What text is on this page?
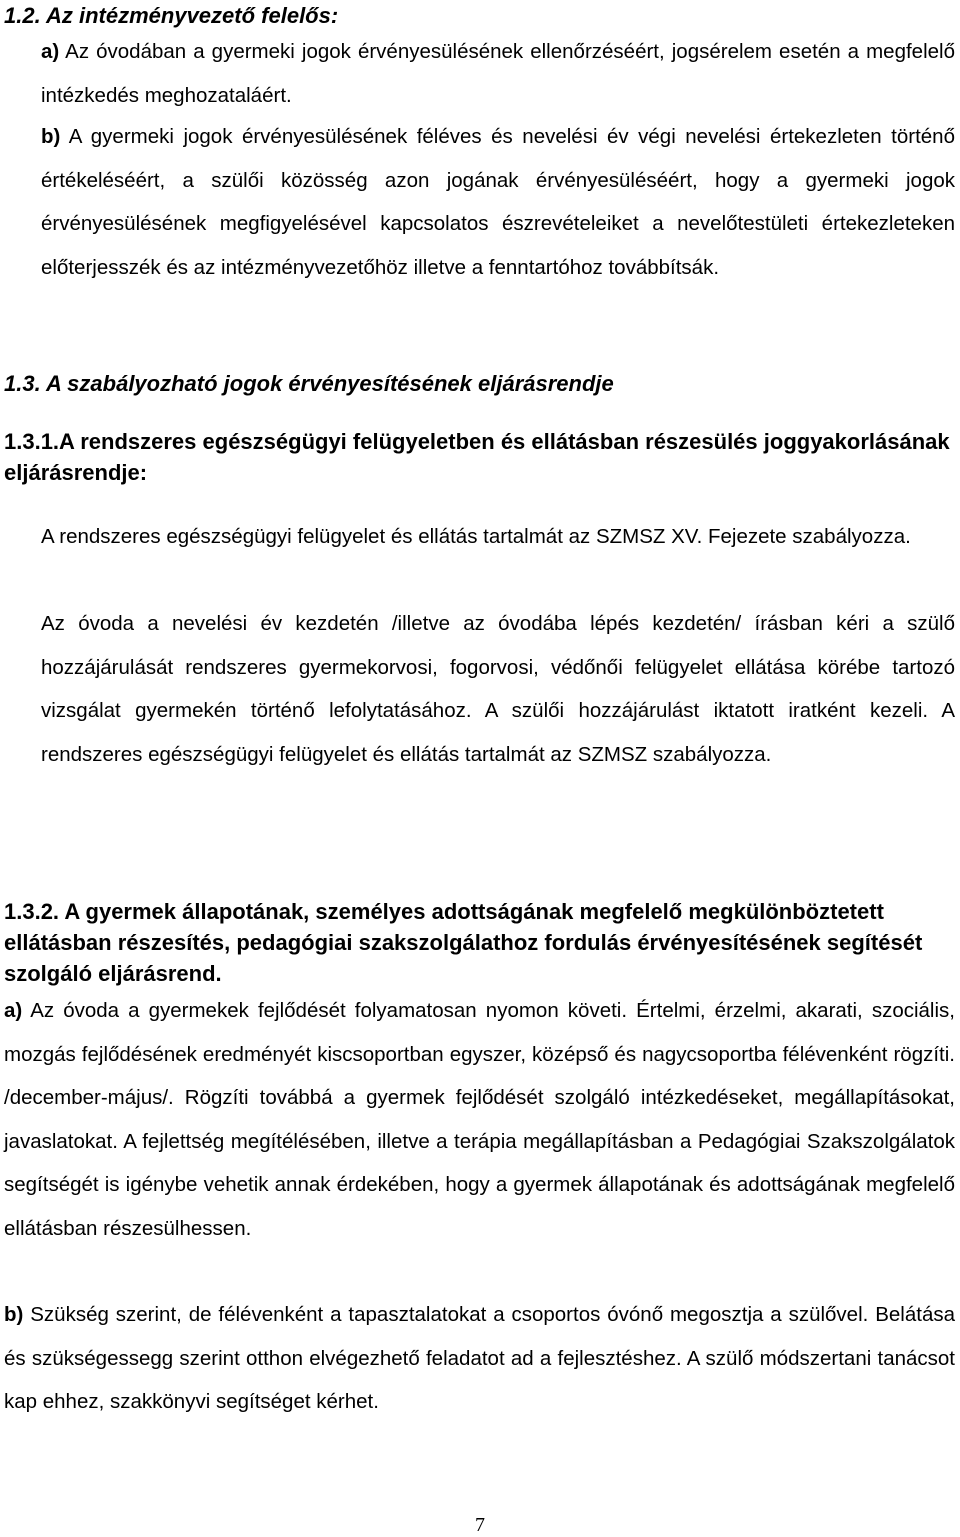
1.2. Az intézményvezető felelős:

a) Az óvodában a gyermeki jogok érvényesülésének ellenőrzéséért, jogsérelem esetén a megfelelő intézkedés meghozataláért.

b) A gyermeki jogok érvényesülésének féléves és nevelési év végi nevelési értekezleten történő értékeléséért, a szülői közösség azon jogának érvényesüléséért, hogy a gyermeki jogok érvényesülésének megfigyelésével kapcsolatos észrevételeiket a nevelőtestületi értekezleteken előterjesszék és az intézményvezetőhöz illetve a fenntartóhoz továbbítsák.

1.3. A szabályozható jogok érvényesítésének eljárásrendje
1.3.1.A rendszeres egészségügyi felügyeletben és ellátásban részesülés joggyakorlásának eljárásrendje:

A rendszeres egészségügyi felügyelet és ellátás tartalmát az SZMSZ XV. Fejezete szabályozza.

Az óvoda a nevelési év kezdetén /illetve az óvodába lépés kezdetén/ írásban kéri a szülő hozzájárulását rendszeres gyermekorvosi, fogorvosi, védőnői felügyelet ellátása körébe tartozó vizsgálat gyermekén történő lefolytatásához. A szülői hozzájárulást iktatott iratként kezeli. A rendszeres egészségügyi felügyelet és ellátás tartalmát az SZMSZ szabályozza.

1.3.2. A gyermek állapotának, személyes adottságának megfelelő megkülönböztetett ellátásban részesítés, pedagógiai szakszolgálathoz fordulás érvényesítésének segítését szolgáló eljárásrend.

a) Az óvoda a gyermekek fejlődését folyamatosan nyomon követi. Értelmi, érzelmi, akarati, szociális, mozgás fejlődésének eredményét kiscsoportban egyszer, középső és nagycsoportba félévenként rögzíti. /december-május/. Rögzíti továbbá a gyermek fejlődését szolgáló intézkedéseket, megállapításokat, javaslatokat. A fejlettség megítélésében, illetve a terápia megállapításban a Pedagógiai Szakszolgálatok segítségét is igénybe vehetik annak érdekében, hogy a gyermek állapotának és adottságának megfelelő ellátásban részesülhessen.

b) Szükség szerint, de félévenként a tapasztalatokat a csoportos óvónő megosztja a szülővel. Belátása és szükségessegg szerint otthon elvégezhető feladatot ad a fejlesztéshez. A szülő módszertani tanácsot kap ehhez, szakkönyvi segítséget kérhet.

7
